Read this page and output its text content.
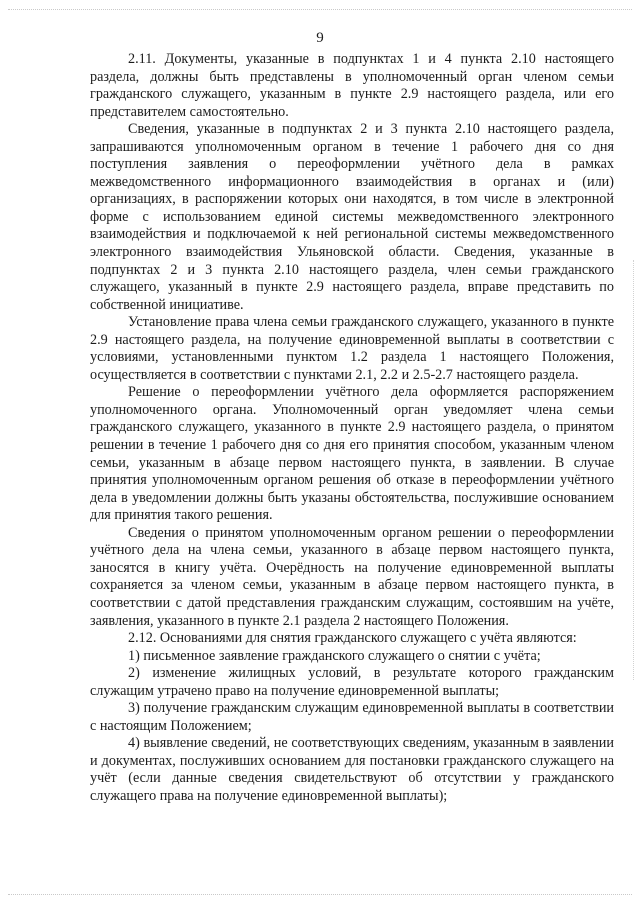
9

2.11. Документы, указанные в подпунктах 1 и 4 пункта 2.10 настоящего раздела, должны быть представлены в уполномоченный орган членом семьи гражданского служащего, указанным в пункте 2.9 настоящего раздела, или его представителем самостоятельно.

Сведения, указанные в подпунктах 2 и 3 пункта 2.10 настоящего раздела, запрашиваются уполномоченным органом в течение 1 рабочего дня со дня поступления заявления о переоформлении учётного дела в рамках межведомственного информационного взаимодействия в органах и (или) организациях, в распоряжении которых они находятся, в том числе в электронной форме с использованием единой системы межведомственного электронного взаимодействия и подключаемой к ней региональной системы межведомственного электронного взаимодействия Ульяновской области. Сведения, указанные в подпунктах 2 и 3 пункта 2.10 настоящего раздела, член семьи гражданского служащего, указанный в пункте 2.9 настоящего раздела, вправе представить по собственной инициативе.

Установление права члена семьи гражданского служащего, указанного в пункте 2.9 настоящего раздела, на получение единовременной выплаты в соответствии с условиями, установленными пунктом 1.2 раздела 1 настоящего Положения, осуществляется в соответствии с пунктами 2.1, 2.2 и 2.5-2.7 настоящего раздела.

Решение о переоформлении учётного дела оформляется распоряжением уполномоченного органа. Уполномоченный орган уведомляет члена семьи гражданского служащего, указанного в пункте 2.9 настоящего раздела, о принятом решении в течение 1 рабочего дня со дня его принятия способом, указанным членом семьи, указанным в абзаце первом настоящего пункта, в заявлении. В случае принятия уполномоченным органом решения об отказе в переоформлении учётного дела в уведомлении должны быть указаны обстоятельства, послужившие основанием для принятия такого решения.

Сведения о принятом уполномоченным органом решении о переоформлении учётного дела на члена семьи, указанного в абзаце первом настоящего пункта, заносятся в книгу учёта. Очерёдность на получение единовременной выплаты сохраняется за членом семьи, указанным в абзаце первом настоящего пункта, в соответствии с датой представления гражданским служащим, состоявшим на учёте, заявления, указанного в пункте 2.1 раздела 2 настоящего Положения.

2.12. Основаниями для снятия гражданского служащего с учёта являются:

1) письменное заявление гражданского служащего о снятии с учёта;

2) изменение жилищных условий, в результате которого гражданским служащим утрачено право на получение единовременной выплаты;

3) получение гражданским служащим единовременной выплаты в соответствии с настоящим Положением;

4) выявление сведений, не соответствующих сведениям, указанным в заявлении и документах, послуживших основанием для постановки гражданского служащего на учёт (если данные сведения свидетельствуют об отсутствии у гражданского служащего права на получение единовременной выплаты);
